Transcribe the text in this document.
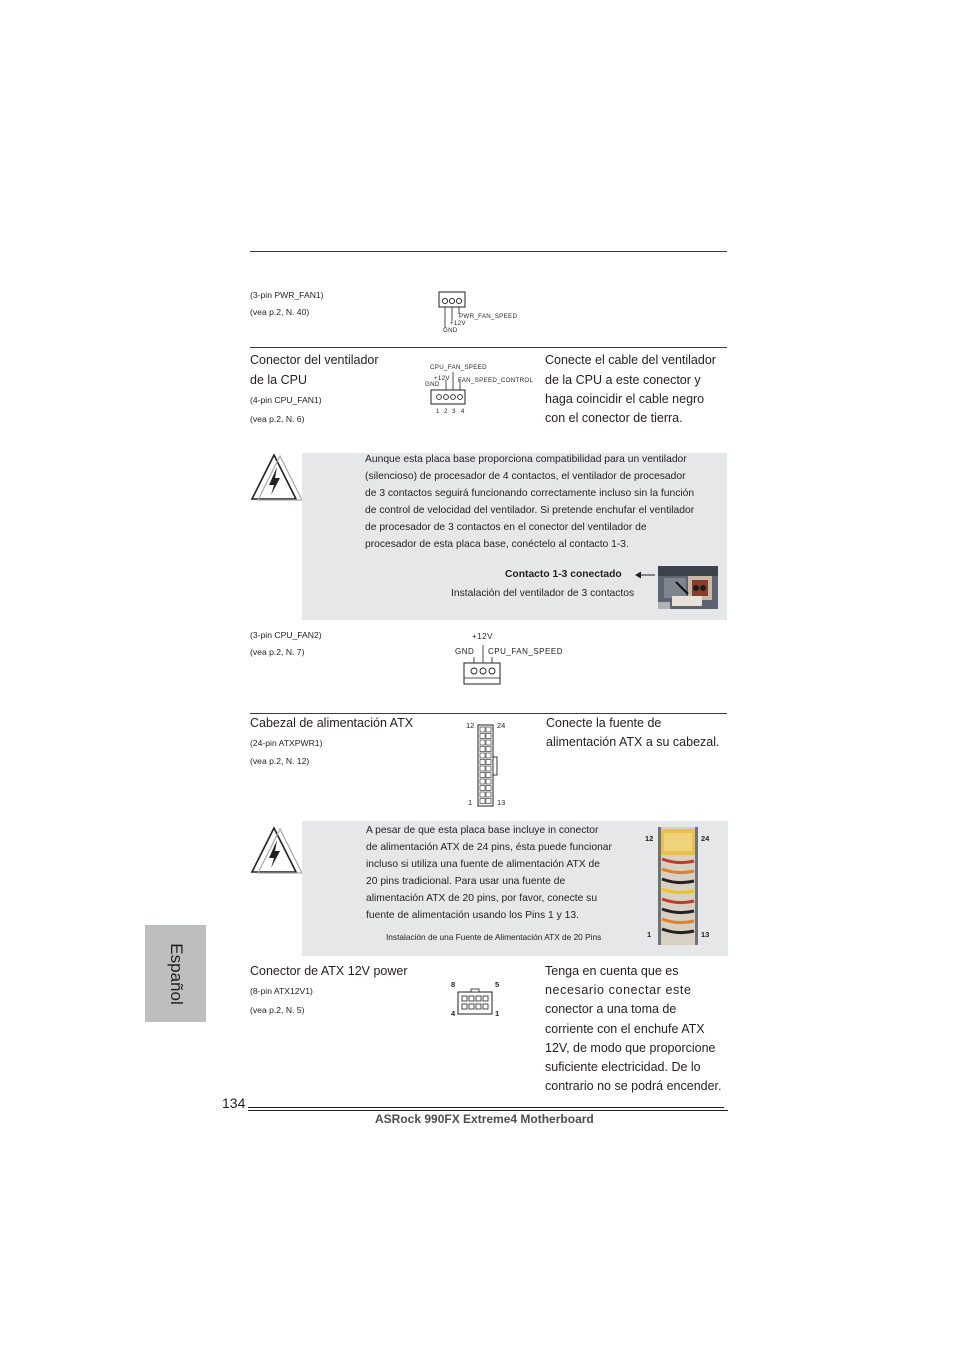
(3-pin PWR_FAN1)
(vea p.2, N. 40)	PWR_FAN_SPEED
+12V
GND
Conector del ventilador
de la CPU
(4-pin CPU_FAN1)
(vea p.2, N. 6)
CPU_FAN_SPEED
+12V FAN_SPEED_CONTROL
GND
1 2 3 4
Conecte el cable del ventilador
de la CPU a este conector y
haga coincidir el cable negro
con el conector de tierra.
Aunque esta placa base proporciona compatibilidad para un ventilador
(silencioso) de procesador de 4 contactos, el ventilador de procesador
de 3 contactos seguirá funcionando correctamente incluso sin la función
de control de velocidad del ventilador. Si pretende enchufar el ventilador
de procesador de 3 contactos en el conector del ventilador de
procesador de esta placa base, conéctelo al contacto 1-3.
Contacto 1-3 conectado
Instalación del ventilador de 3 contactos
(3-pin CPU_FAN2)
(vea p.2, N. 7)
+12V
GND CPU_FAN_SPEED
Cabezal de alimentación ATX
(24-pin ATXPWR1)
(vea p.2, N. 12)
12	24
1	13
Conecte la fuente de
alimentación ATX a su cabezal.
A pesar de que esta placa base incluye in conector
de alimentación ATX de 24 pins, ésta puede funcionar
incluso si utiliza una fuente de alimentación ATX de
20 pins tradicional. Para usar una fuente de
alimentación ATX de 20 pins, por favor, conecte su
fuente de alimentación usando los Pins 1 y 13.
Instalación de una Fuente de Alimentación ATX de 20 Pins
12	24
1	13
Conector de ATX 12V power
(8-pin ATX12V1)
(vea p.2, N. 5)
8	5
4	1
Tenga en cuenta que es
necesario conectar este
conector a una toma de
corriente con el enchufe ATX
12V, de modo que proporcione
suficiente electricidad. De lo
contrario no se podrá encender.
Español
134
ASRock 990FX Extreme4 Motherboard
